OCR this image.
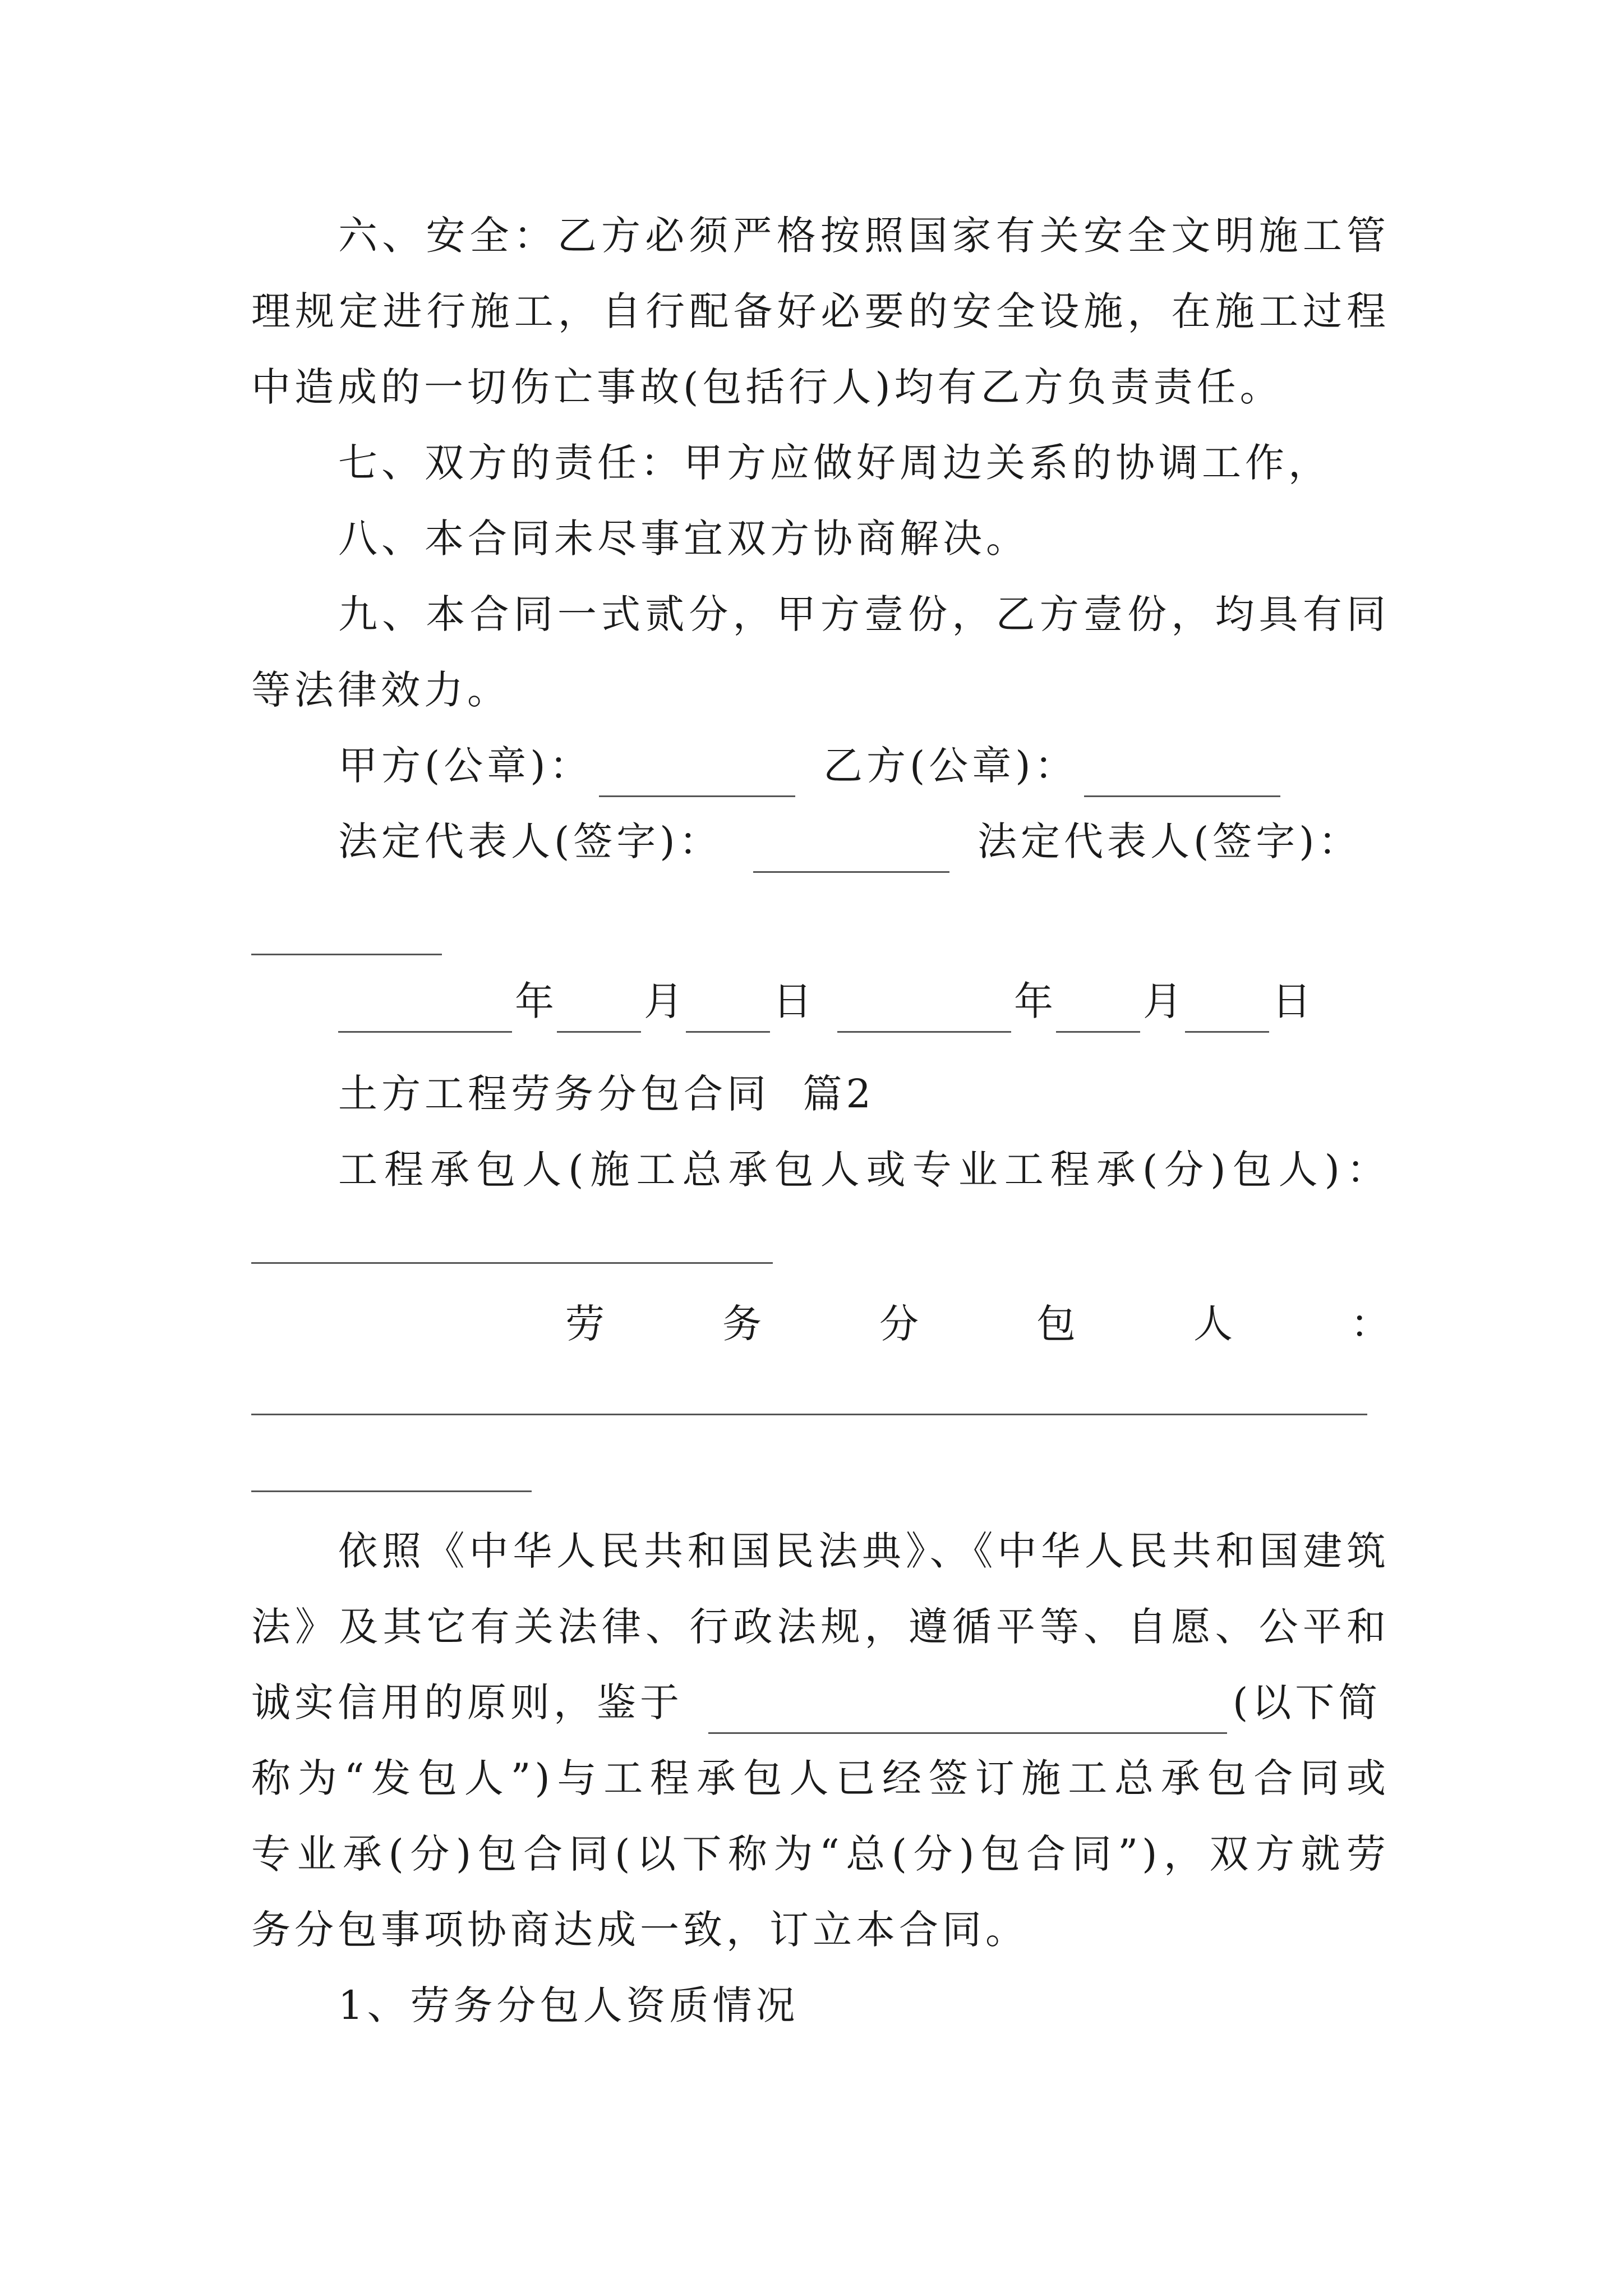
六、安全：乙方必须严格按照国家有关安全文明施工管
理规定进行施工，自行配备好必要的安全设施，在施工过程
中造成的一切伤亡事故(包括行人)均有乙方负责责任。
七、双方的责任：甲方应做好周边关系的协调工作，
八、本合同未尽事宜双方协商解决。
九、本合同一式贰分，甲方壹份，乙方壹份，均具有同
等法律效力。
甲方(公章)：	乙方(公章)：
法定代表人(签字)：	法定代表人(签字)：
年 月 日	年 月 日
土方工程劳务分包合同  篇2
工程承包人(施工总承包人或专业工程承(分)包人)：
劳务分包人：
依照《中华人民共和国民法典》、《中华人民共和国建筑
法》及其它有关法律、行政法规，遵循平等、自愿、公平和
诚实信用的原则，鉴于	(以下简
称为“发包人”)与工程承包人已经签订施工总承包合同或
专业承(分)包合同(以下称为“总(分)包合同”)，双方就劳
务分包事项协商达成一致，订立本合同。
1、劳务分包人资质情况
